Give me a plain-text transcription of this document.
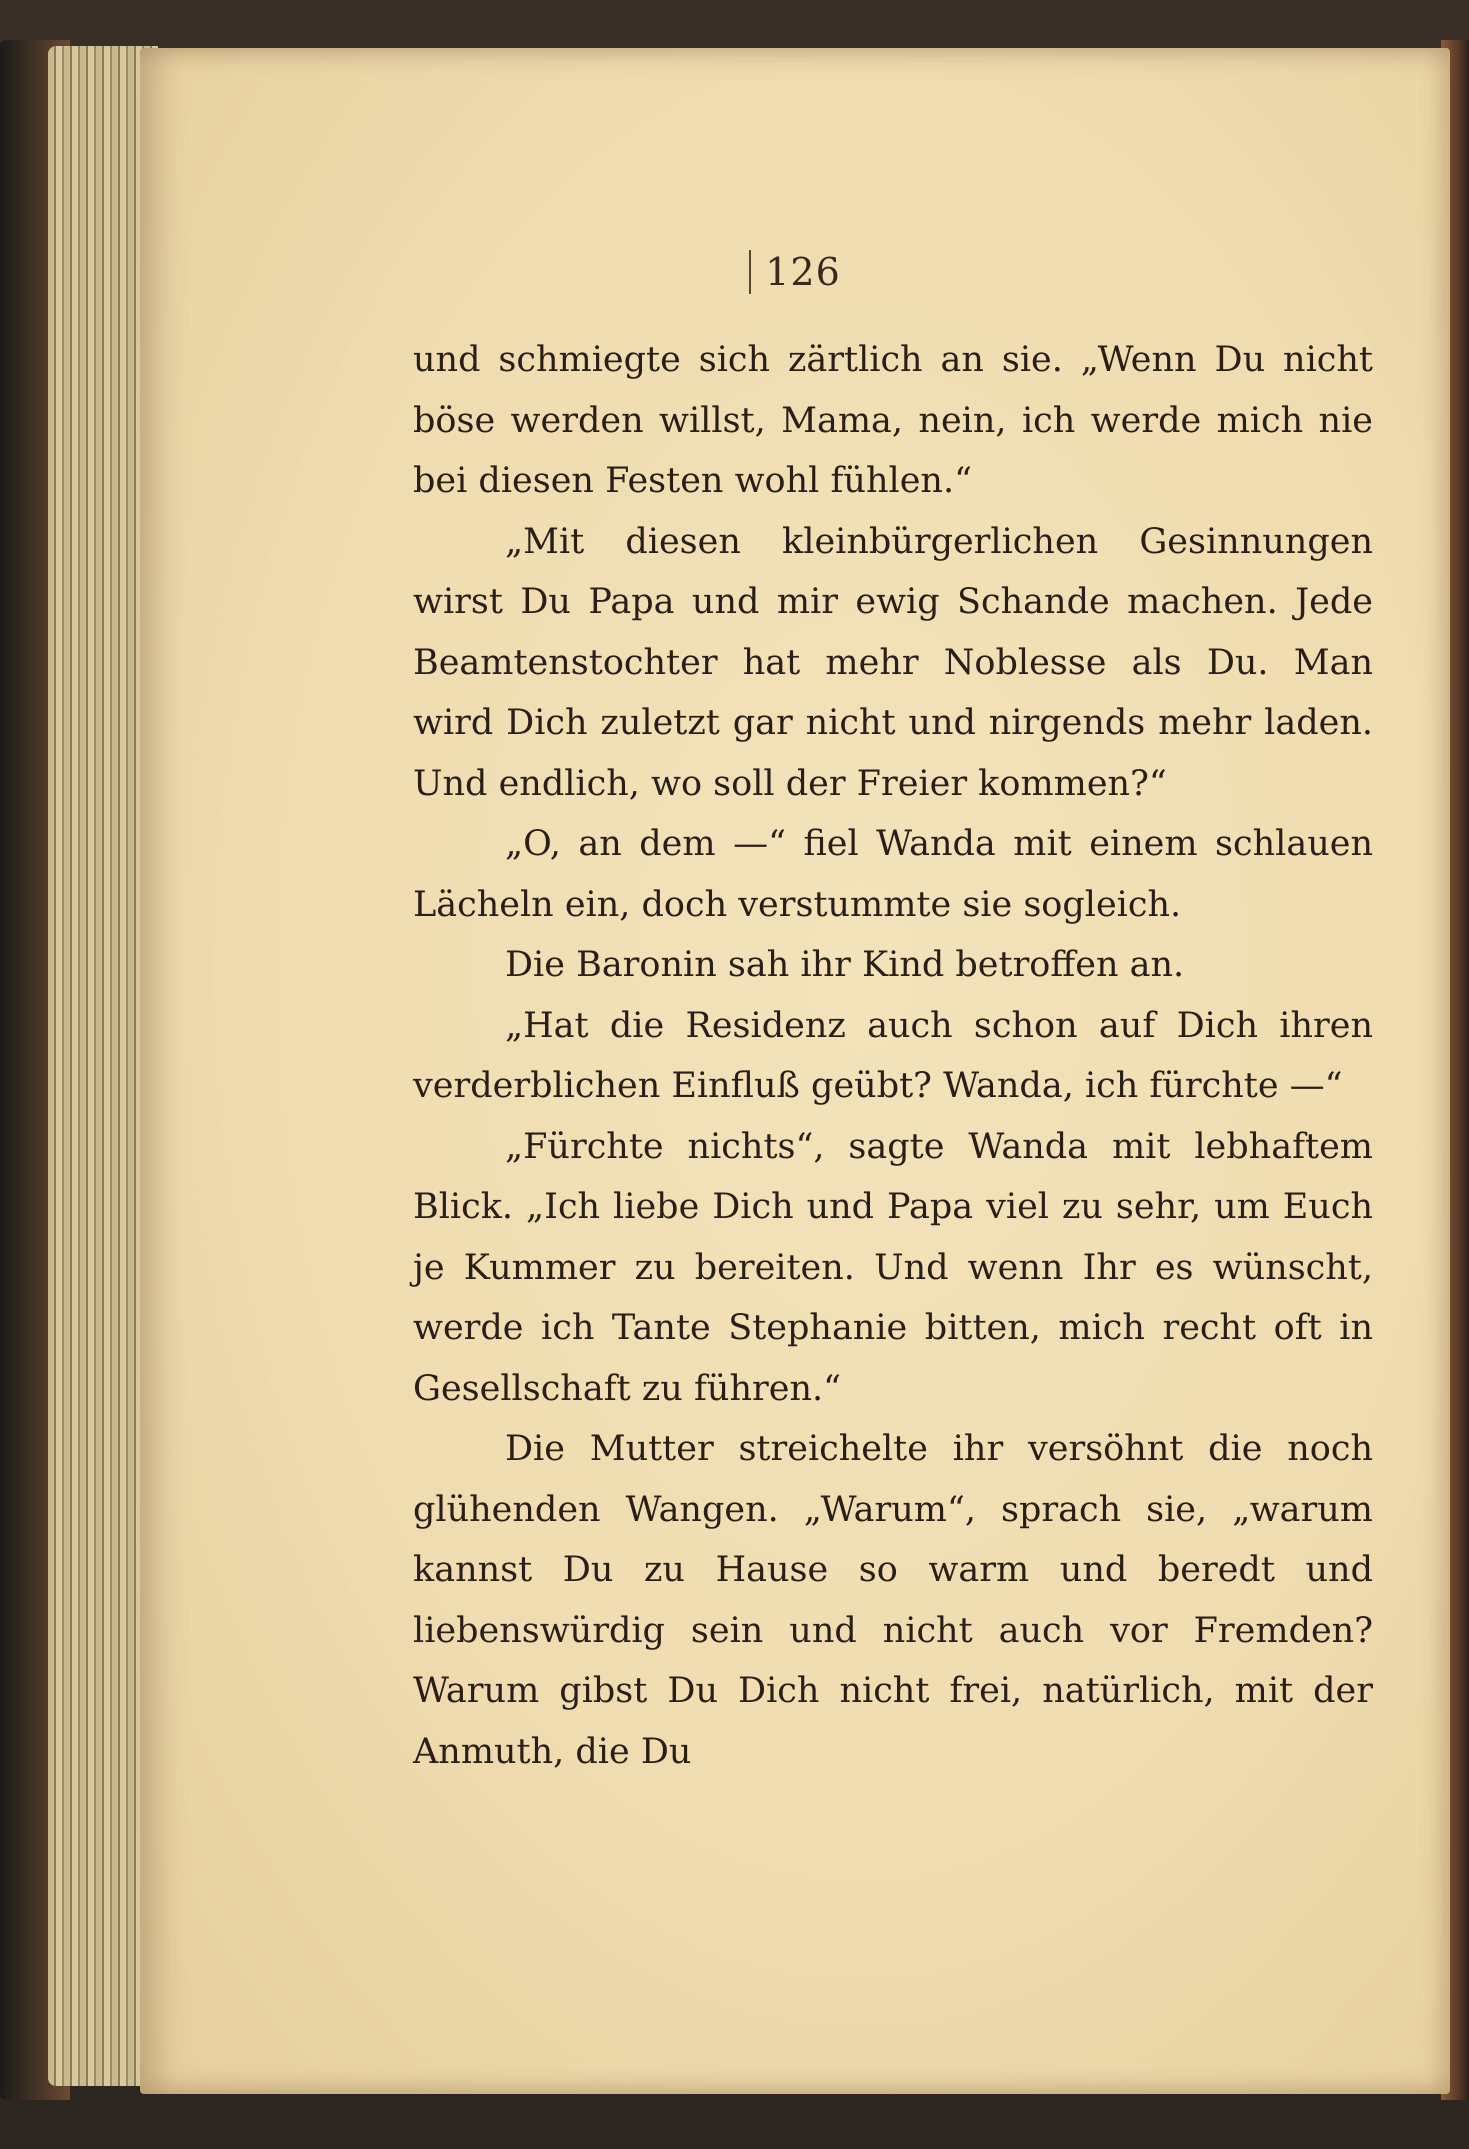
126

und schmiegte sich zärtlich an sie. „Wenn Du nicht böse werden willst, Mama, nein, ich werde mich nie bei diesen Festen wohl fühlen.“

„Mit diesen kleinbürgerlichen Gesinnungen wirst Du Papa und mir ewig Schande machen. Jede Beamtenstochter hat mehr Noblesse als Du. Man wird Dich zuletzt gar nicht und nirgends mehr laden. Und endlich, wo soll der Freier kommen?“

„O, an dem —“ fiel Wanda mit einem schlauen Lächeln ein, doch verstummte sie sogleich.

Die Baronin sah ihr Kind betroffen an.

„Hat die Residenz auch schon auf Dich ihren verderblichen Einfluß geübt? Wanda, ich fürchte —“

„Fürchte nichts“, sagte Wanda mit lebhaftem Blick. „Ich liebe Dich und Papa viel zu sehr, um Euch je Kummer zu bereiten. Und wenn Ihr es wünscht, werde ich Tante Stephanie bitten, mich recht oft in Gesellschaft zu führen.“

Die Mutter streichelte ihr versöhnt die noch glühenden Wangen. „Warum“, sprach sie, „warum kannst Du zu Hause so warm und beredt und liebenswürdig sein und nicht auch vor Fremden? Warum gibst Du Dich nicht frei, natürlich, mit der Anmuth, die Du
